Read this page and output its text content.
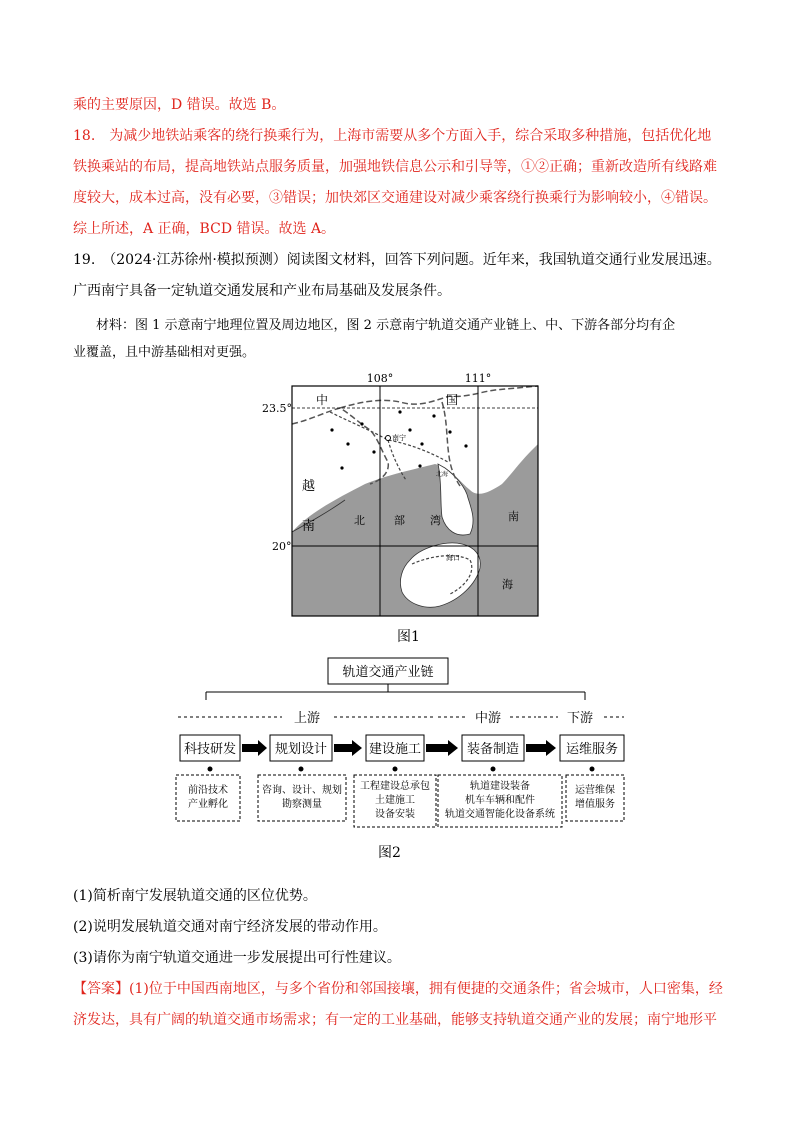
乘的主要原因，D 错误。故选 B。
18.　为减少地铁站乘客的绕行换乘行为，上海市需要从多个方面入手，综合采取多种措施，包括优化地
铁换乘站的布局，提高地铁站点服务质量，加强地铁信息公示和引导等，①②正确；重新改造所有线路难
度较大，成本过高，没有必要，③错误；加快郊区交通建设对减少乘客绕行换乘行为影响较小，④错误。
综上所述，A 正确，BCD 错误。故选 A。
19.　（2024·江苏徐州·模拟预测）阅读图文材料，回答下列问题。近年来，我国轨道交通行业发展迅速。
广西南宁具备一定轨道交通发展和产业布局基础及发展条件。
材料：图 1 示意南宁地理位置及周边地区，图 2 示意南宁轨道交通产业链上、中、下游各部分均有企
业覆盖，且中游基础相对更强。
108°	111°
23.5°
20°
中	国
越
南	北	部 湾	南
海
南宁
北海
海口
图1
轨道交通产业链
上游	中游	下游
科技研发	规划设计	建设施工	装备制造	运维服务
前沿技术
产业孵化
咨询、设计、规划
勘察测量
工程建设总承包
土建施工
设备安装
轨道建设装备
机车车辆和配件
轨道交通智能化设备系统
运营维保
增值服务
图2
(1)简析南宁发展轨道交通的区位优势。
(2)说明发展轨道交通对南宁经济发展的带动作用。
(3)请你为南宁轨道交通进一步发展提出可行性建议。
【答案】(1)位于中国西南地区，与多个省份和邻国接壤，拥有便捷的交通条件；省会城市，人口密集，经
济发达，具有广阔的轨道交通市场需求；有一定的工业基础，能够支持轨道交通产业的发展；南宁地形平
